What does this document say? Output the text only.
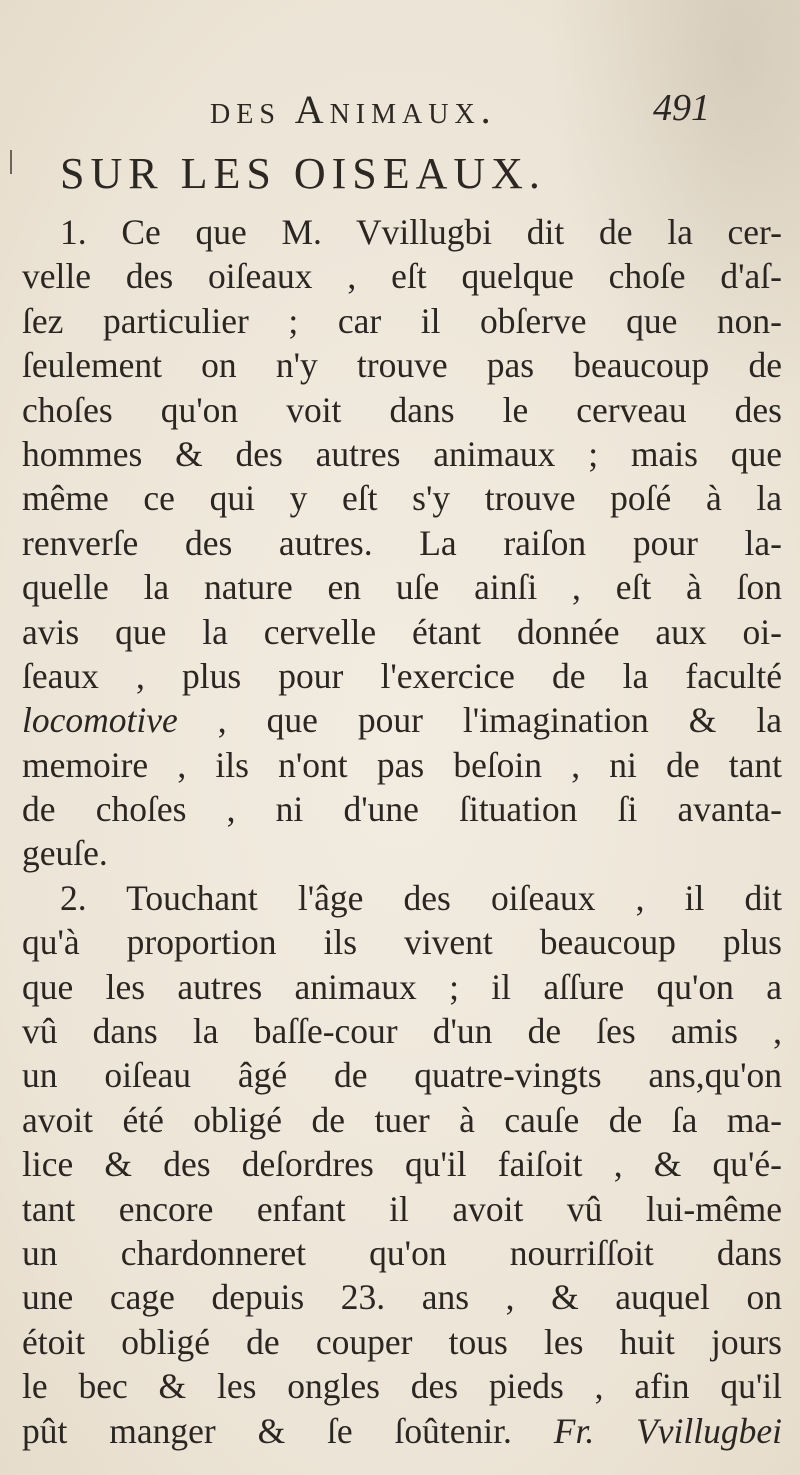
des Animaux.	491
SUR LES OISEAUX.
1. Ce que M. Vvillugbi dit de la cer-
velle des oiſeaux , eſt quelque choſe d'aſ-
ſez particulier ; car il obſerve que non-
ſeulement on n'y trouve pas beaucoup de
choſes qu'on voit dans le cerveau des
hommes & des autres animaux ; mais que
même ce qui y eſt s'y trouve poſé à la
renverſe des autres. La raiſon pour la-
quelle la nature en uſe ainſi , eſt à ſon
avis que la cervelle étant donnée aux oi-
ſeaux , plus pour l'exercice de la faculté
locomotive , que pour l'imagination & la
memoire , ils n'ont pas beſoin , ni de tant
de choſes , ni d'une ſituation ſi avanta-
geuſe.
2. Touchant l'âge des oiſeaux , il dit
qu'à proportion ils vivent beaucoup plus
que les autres animaux ; il aſſure qu'on a
vû dans la baſſe-cour d'un de ſes amis ,
un oiſeau âgé de quatre-vingts ans,qu'on
avoit été obligé de tuer à cauſe de ſa ma-
lice & des deſordres qu'il faiſoit , & qu'é-
tant encore enfant il avoit vû lui-même
un chardonneret qu'on nourriſſoit dans
une cage depuis 23. ans , & auquel on
étoit obligé de couper tous les huit jours
le bec & les ongles des pieds , afin qu'il
pût manger & ſe ſoûtenir. Fr. Vvillugbei
